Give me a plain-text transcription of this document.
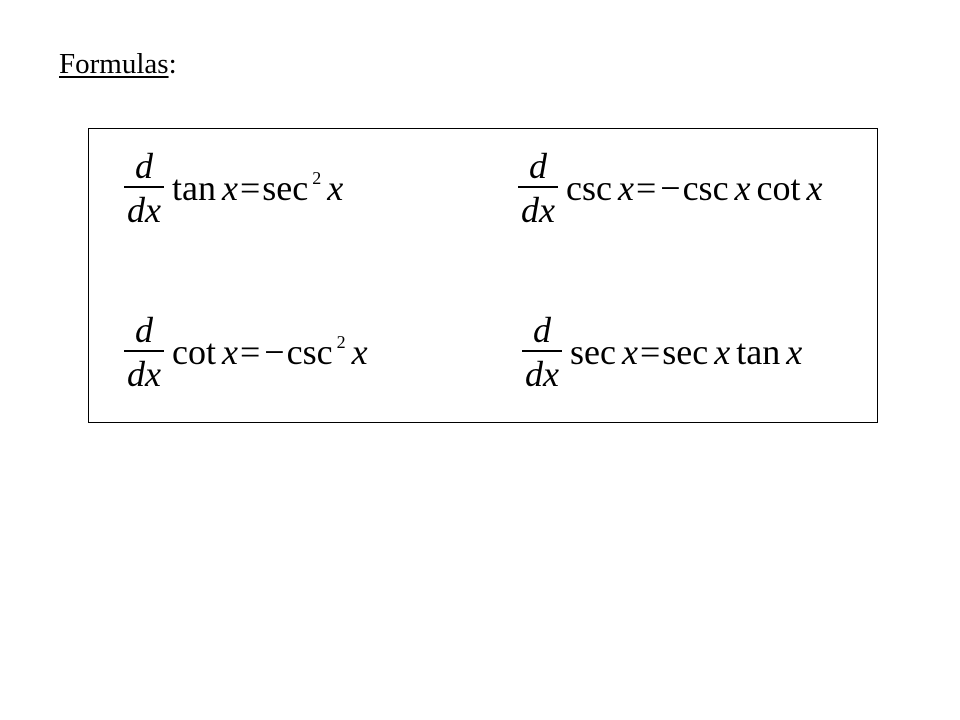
Formulas:
$\frac{d}{dx}$ tan x = sec 2 x	$\frac{d}{dx}$ csc x = − csc x cot x
$\frac{d}{dx}$ cot x = − csc 2 x	$\frac{d}{dx}$ sec x = sec x tan x
